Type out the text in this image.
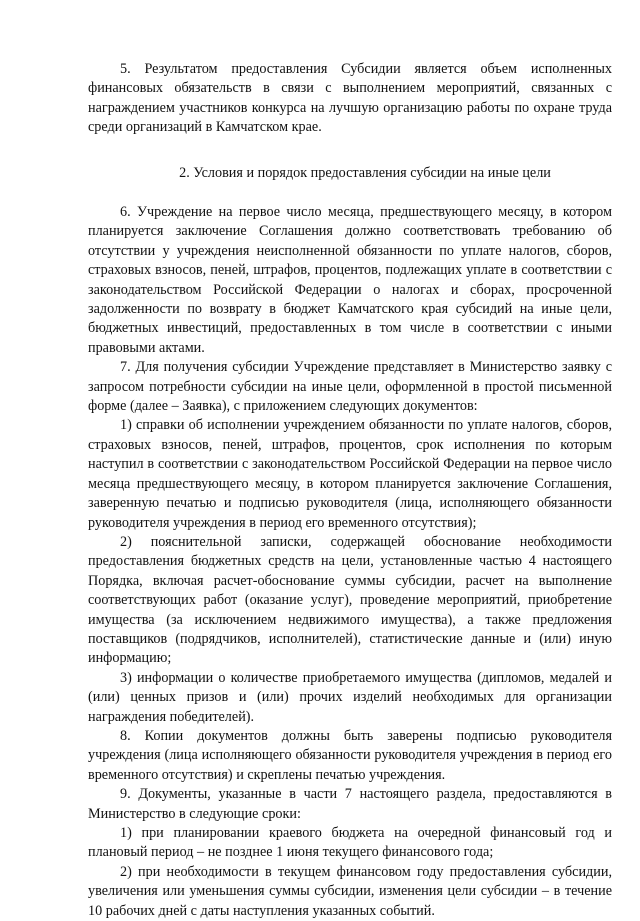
5. Результатом предоставления Субсидии является объем исполненных финансовых обязательств в связи с выполнением мероприятий, связанных с награждением участников конкурса на лучшую организацию работы по охране труда среди организаций в Камчатском крае.

2. Условия и порядок предоставления субсидии на иные цели

6. Учреждение на первое число месяца, предшествующего месяцу, в котором планируется заключение Соглашения должно соответствовать требованию об отсутствии у учреждения неисполненной обязанности по уплате налогов, сборов, страховых взносов, пеней, штрафов, процентов, подлежащих уплате в соответствии с законодательством Российской Федерации о налогах и сборах, просроченной задолженности по возврату в бюджет Камчатского края субсидий на иные цели, бюджетных инвестиций, предоставленных в том числе в соответствии с иными правовыми актами.

7. Для получения субсидии Учреждение представляет в Министерство заявку с запросом потребности субсидии на иные цели, оформленной в простой письменной форме (далее – Заявка), с приложением следующих документов:

1) справки об исполнении учреждением обязанности по уплате налогов, сборов, страховых взносов, пеней, штрафов, процентов, срок исполнения по которым наступил в соответствии с законодательством Российской Федерации на первое число месяца предшествующего месяцу, в котором планируется заключение Соглашения, заверенную печатью и подписью руководителя (лица, исполняющего обязанности руководителя учреждения в период его временного отсутствия);

2) пояснительной записки, содержащей обоснование необходимости предоставления бюджетных средств на цели, установленные частью 4 настоящего Порядка, включая расчет-обоснование суммы субсидии, расчет на выполнение соответствующих работ (оказание услуг), проведение мероприятий, приобретение имущества (за исключением недвижимого имущества), а также предложения поставщиков (подрядчиков, исполнителей), статистические данные и (или) иную информацию;

3) информации о количестве приобретаемого имущества (дипломов, медалей и (или) ценных призов и (или) прочих изделий необходимых для организации награждения победителей).

8. Копии документов должны быть заверены подписью руководителя учреждения (лица исполняющего обязанности руководителя учреждения в период его временного отсутствия) и скреплены печатью учреждения.

9. Документы, указанные в части 7 настоящего раздела, предоставляются в Министерство в следующие сроки:

1) при планировании краевого бюджета на очередной финансовый год и плановый период – не позднее 1 июня текущего финансового года;

2) при необходимости в текущем финансовом году предоставления субсидии, увеличения или уменьшения суммы субсидии, изменения цели субсидии – в течение 10 рабочих дней с даты наступления указанных событий.
